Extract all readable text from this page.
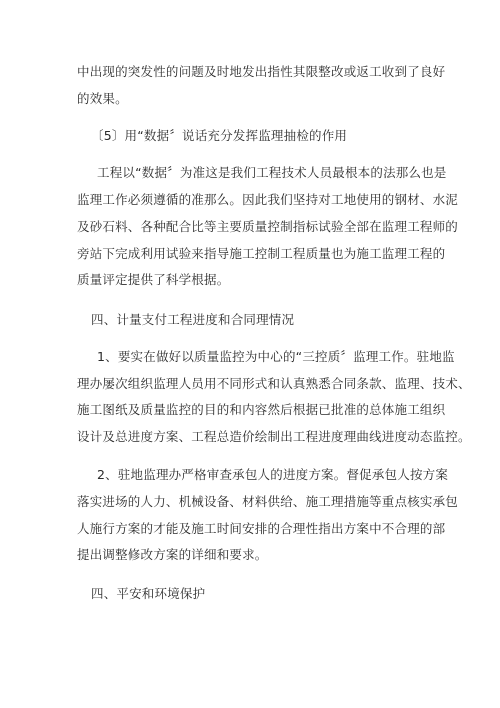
中出现的突发性的问题及时地发出指性其限整改或返工收到了良好
的效果。
〔5〕用“数据〞说话充分发挥监理抽检的作用
工程以“数据〞为准这是我们工程技术人员最根本的法那么也是
监理工作必须遵循的准那么。因此我们坚持对工地使用的钢材、水泥
及砂石料、各种配合比等主要质量控制指标试验全部在监理工程师的
旁站下完成利用试验来指导施工控制工程质量也为施工监理工程的
质量评定提供了科学根据。
四、计量支付工程进度和合同理情况
1、要实在做好以质量监控为中心的“三控质〞监理工作。驻地监
理办屡次组织监理人员用不同形式和认真熟悉合同条款、监理、技术、
施工图纸及质量监控的目的和内容然后根据已批准的总体施工组织
设计及总进度方案、工程总造价绘制出工程进度理曲线进度动态监控。
2、驻地监理办严格审查承包人的进度方案。督促承包人按方案
落实进场的人力、机械设备、材料供给、施工理措施等重点核实承包
人施行方案的才能及施工时间安排的合理性指出方案中不合理的部
提出调整修改方案的详细和要求。
四、平安和环境保护
